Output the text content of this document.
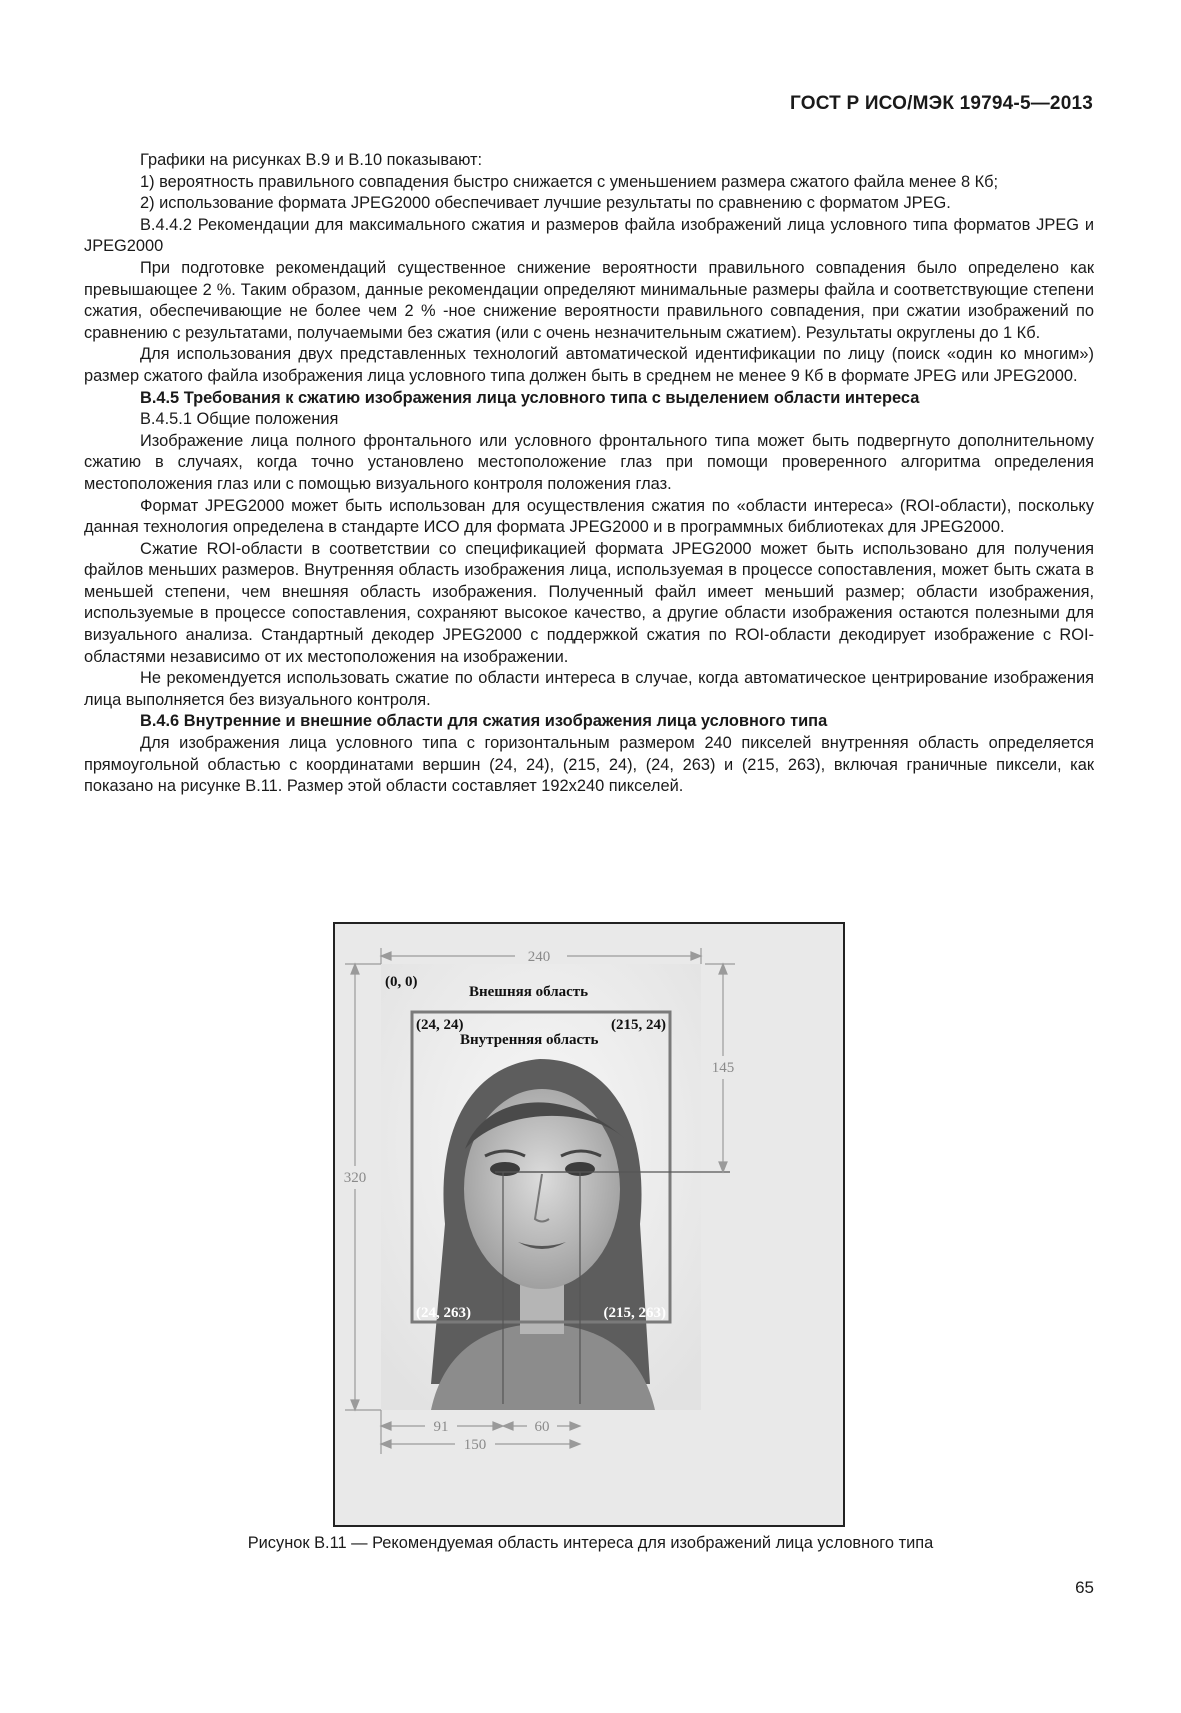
ГОСТ Р ИСО/МЭК 19794-5—2013

Графики на рисунках В.9 и В.10 показывают:

1) вероятность правильного совпадения быстро снижается с уменьшением размера сжатого файла менее 8 Кб;

2) использование формата JPEG2000 обеспечивает лучшие результаты по сравнению с форматом JPEG.

В.4.4.2 Рекомендации для максимального сжатия и размеров файла изображений лица условного типа форматов JPEG и JPEG2000

При подготовке рекомендаций существенное снижение вероятности правильного совпадения было определено как превышающее 2 %. Таким образом, данные рекомендации определяют минимальные размеры файла и соответствующие степени сжатия, обеспечивающие не более чем 2 % -ное снижение вероятности правильного совпадения, при сжатии изображений по сравнению с результатами, получаемыми без сжатия (или с очень незначительным сжатием). Результаты округлены до 1 Кб.

Для использования двух представленных технологий автоматической идентификации по лицу (поиск «один ко многим») размер сжатого файла изображения лица условного типа должен быть в среднем не менее 9 Кб в формате JPEG или JPEG2000.

В.4.5 Требования к сжатию изображения лица условного типа с выделением области интереса

В.4.5.1 Общие положения

Изображение лица полного фронтального или условного фронтального типа может быть подвергнуто дополнительному сжатию в случаях, когда точно установлено местоположение глаз при помощи проверенного алгоритма определения местоположения глаз или с помощью визуального контроля положения глаз.

Формат JPEG2000 может быть использован для осуществления сжатия по «области интереса» (ROI-области), поскольку данная технология определена в стандарте ИСО для формата JPEG2000 и в программных библиотеках для JPEG2000.

Сжатие ROI-области в соответствии со спецификацией формата JPEG2000 может быть использовано для получения файлов меньших размеров. Внутренняя область изображения лица, используемая в процессе сопоставления, может быть сжата в меньшей степени, чем внешняя область изображения. Полученный файл имеет меньший размер; области изображения, используемые в процессе сопоставления, сохраняют высокое качество, а другие области изображения остаются полезными для визуального анализа. Стандартный декодер JPEG2000 с поддержкой сжатия по ROI-области декодирует изображение с ROI-областями независимо от их местоположения на изображении.

Не рекомендуется использовать сжатие по области интереса в случае, когда автоматическое центрирование изображения лица выполняется без визуального контроля.

В.4.6 Внутренние и внешние области для сжатия изображения лица условного типа

Для изображения лица условного типа с горизонтальным размером 240 пикселей внутренняя область определяется прямоугольной областью с координатами вершин (24, 24), (215, 24), (24, 263) и (215, 263), включая граничные пиксели, как показано на рисунке В.11. Размер этой области составляет 192x240 пикселей.

240
320
145
91	60
150
(0, 0)
Внешняя область
(24, 24)	(215, 24)
Внутренняя область
(24, 263)	(215, 263)
Рисунок В.11 — Рекомендуемая область интереса для изображений лица условного типа
65
